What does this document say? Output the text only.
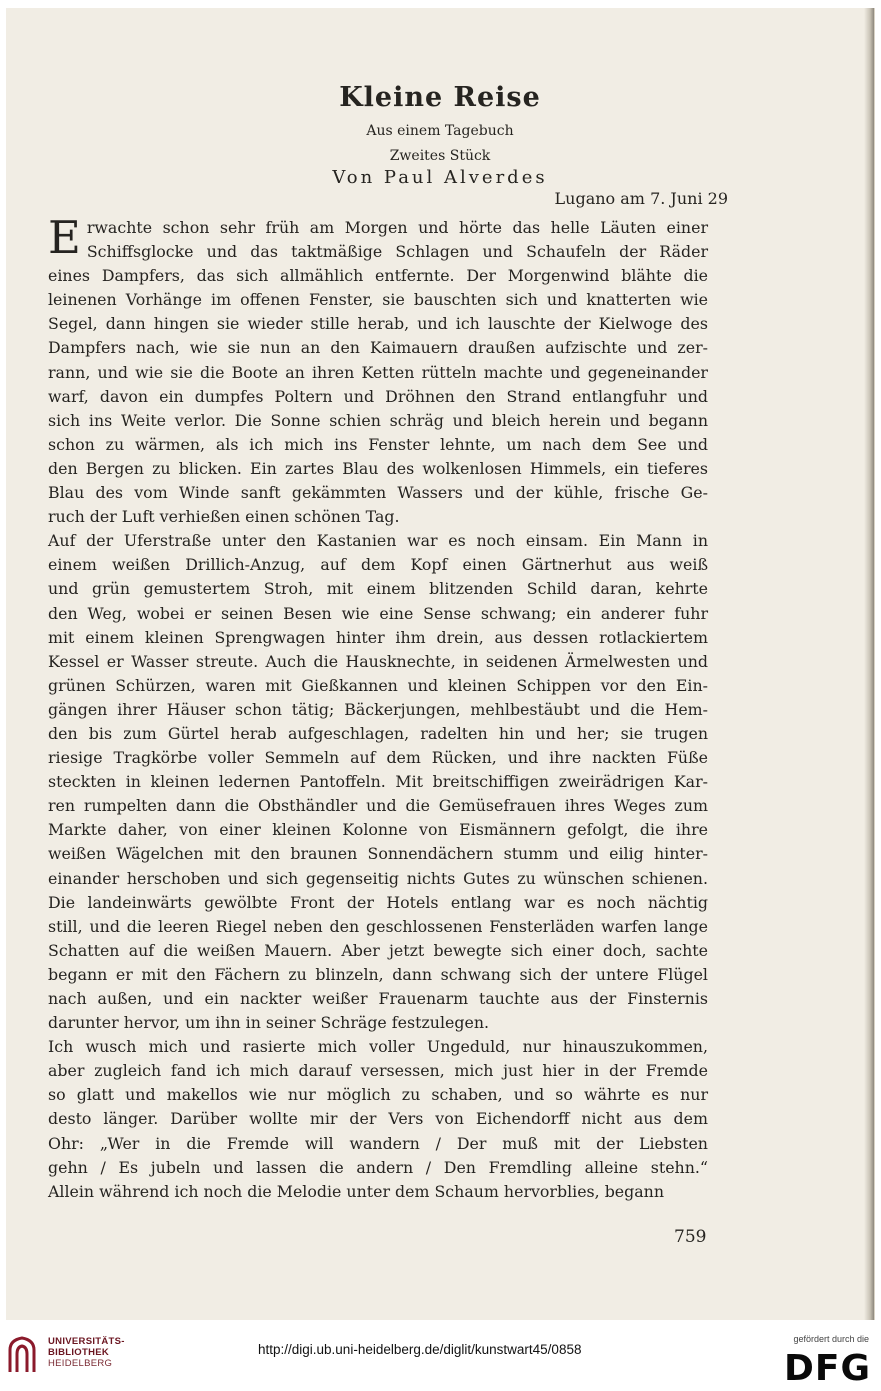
Kleine Reise
Aus einem Tagebuch
Zweites Stück
Von Paul Alverdes
Lugano am 7. Juni 29
E rwachte schon sehr früh am Morgen und hörte das helle Läuten einer
Schiffsglocke und das taktmäßige Schlagen und Schaufeln der Räder
eines Dampfers, das sich allmählich entfernte. Der Morgenwind blähte die
leinenen Vorhänge im offenen Fenster, sie bauschten sich und knatterten wie
Segel, dann hingen sie wieder stille herab, und ich lauschte der Kielwoge des
Dampfers nach, wie sie nun an den Kaimauern draußen aufzischte und zer-
rann, und wie sie die Boote an ihren Ketten rütteln machte und gegeneinander
warf, davon ein dumpfes Poltern und Dröhnen den Strand entlangfuhr und
sich ins Weite verlor. Die Sonne schien schräg und bleich herein und begann
schon zu wärmen, als ich mich ins Fenster lehnte, um nach dem See und
den Bergen zu blicken. Ein zartes Blau des wolkenlosen Himmels, ein tieferes
Blau des vom Winde sanft gekämmten Wassers und der kühle, frische Ge-
ruch der Luft verhießen einen schönen Tag.
Auf der Uferstraße unter den Kastanien war es noch einsam. Ein Mann in
einem weißen Drillich-Anzug, auf dem Kopf einen Gärtnerhut aus weiß
und grün gemustertem Stroh, mit einem blitzenden Schild daran, kehrte
den Weg, wobei er seinen Besen wie eine Sense schwang; ein anderer fuhr
mit einem kleinen Sprengwagen hinter ihm drein, aus dessen rotlackiertem
Kessel er Wasser streute. Auch die Hausknechte, in seidenen Ärmelwesten und
grünen Schürzen, waren mit Gießkannen und kleinen Schippen vor den Ein-
gängen ihrer Häuser schon tätig; Bäckerjungen, mehlbestäubt und die Hem-
den bis zum Gürtel herab aufgeschlagen, radelten hin und her; sie trugen
riesige Tragkörbe voller Semmeln auf dem Rücken, und ihre nackten Füße
steckten in kleinen ledernen Pantoffeln. Mit breitschiffigen zweirädrigen Kar-
ren rumpelten dann die Obsthändler und die Gemüsefrauen ihres Weges zum
Markte daher, von einer kleinen Kolonne von Eismännern gefolgt, die ihre
weißen Wägelchen mit den braunen Sonnendächern stumm und eilig hinter-
einander herschoben und sich gegenseitig nichts Gutes zu wünschen schienen.
Die landeinwärts gewölbte Front der Hotels entlang war es noch nächtig
still, und die leeren Riegel neben den geschlossenen Fensterläden warfen lange
Schatten auf die weißen Mauern. Aber jetzt bewegte sich einer doch, sachte
begann er mit den Fächern zu blinzeln, dann schwang sich der untere Flügel
nach außen, und ein nackter weißer Frauenarm tauchte aus der Finsternis
darunter hervor, um ihn in seiner Schräge festzulegen.
Ich wusch mich und rasierte mich voller Ungeduld, nur hinauszukommen,
aber zugleich fand ich mich darauf versessen, mich just hier in der Fremde
so glatt und makellos wie nur möglich zu schaben, und so währte es nur
desto länger. Darüber wollte mir der Vers von Eichendorff nicht aus dem
Ohr: „Wer in die Fremde will wandern / Der muß mit der Liebsten
gehn / Es jubeln und lassen die andern / Den Fremdling alleine stehn.“
Allein während ich noch die Melodie unter dem Schaum hervorblies, begann
759
UNIVERSITÄTS-
BIBLIOTHEK
HEIDELBERG
http://digi.ub.uni-heidelberg.de/diglit/kunstwart45/0858
gefördert durch die
DFG
